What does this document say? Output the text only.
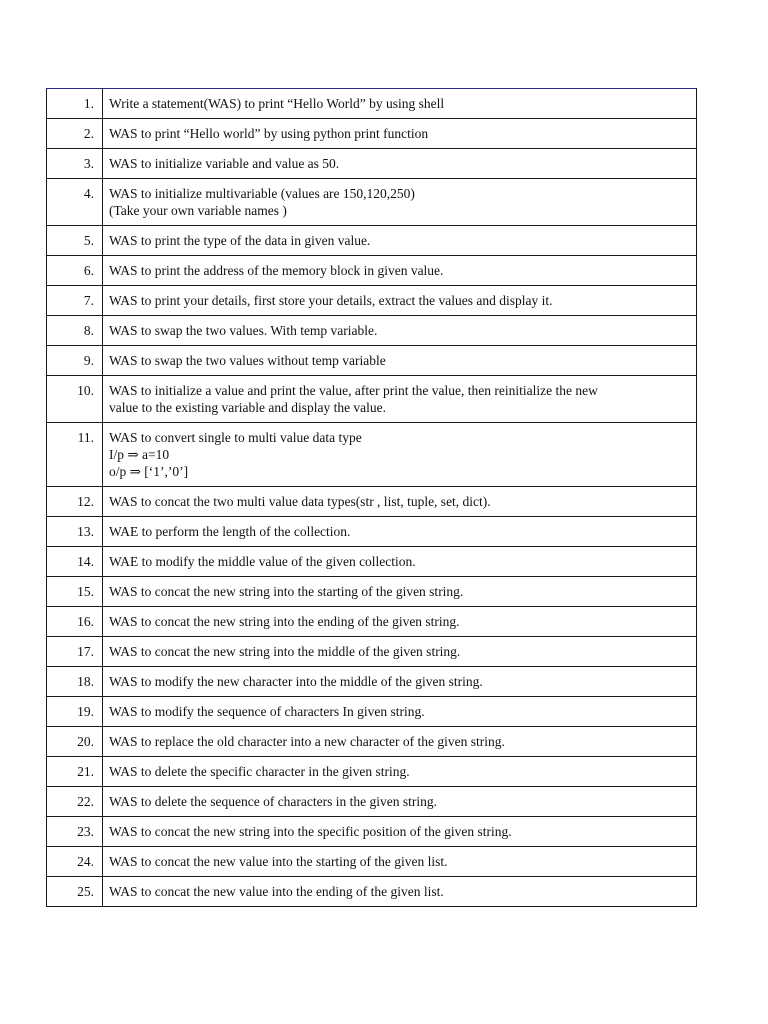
1.	Write a statement(WAS) to print “Hello World” by using shell
2.	WAS to print “Hello world” by using python print function
3.	WAS to initialize variable and value as 50.
4.	WAS to initialize multivariable (values are 150,120,250)
(Take your own variable names )
5.	WAS to print the type of the data in given value.
6.	WAS to print the address of the memory block in given value.
7.	WAS to print your details, first store your details, extract the values and display it.
8.	WAS to swap the two values. With temp variable.
9.	WAS to swap the two values without temp variable
10.	WAS to initialize a value and print the value, after print the value, then reinitialize the new
value to the existing variable and display the value.
11.	WAS to convert single to multi value data type
I/p ⇒ a=10
o/p ⇒ [‘1’,’0’]
12.	WAS to concat the two multi value data types(str , list, tuple, set, dict).
13.	WAE to perform the length of the collection.
14.	WAE to modify the middle value of the given collection.
15.	WAS to concat the new string into the starting of the given string.
16.	WAS to concat the new string into the ending of the given string.
17.	WAS to concat the new string into the middle of the given string.
18.	WAS to modify the new character into the middle of the given string.
19.	WAS to modify the sequence of characters In given string.
20.	WAS to replace the old character into a new character of the given string.
21.	WAS to delete the specific character in the given string.
22.	WAS to delete the sequence of characters in the given string.
23.	WAS to concat the new string into the specific position of the given string.
24.	WAS to concat the new value into the starting of the given list.
25.	WAS to concat the new value into the ending of the given list.
